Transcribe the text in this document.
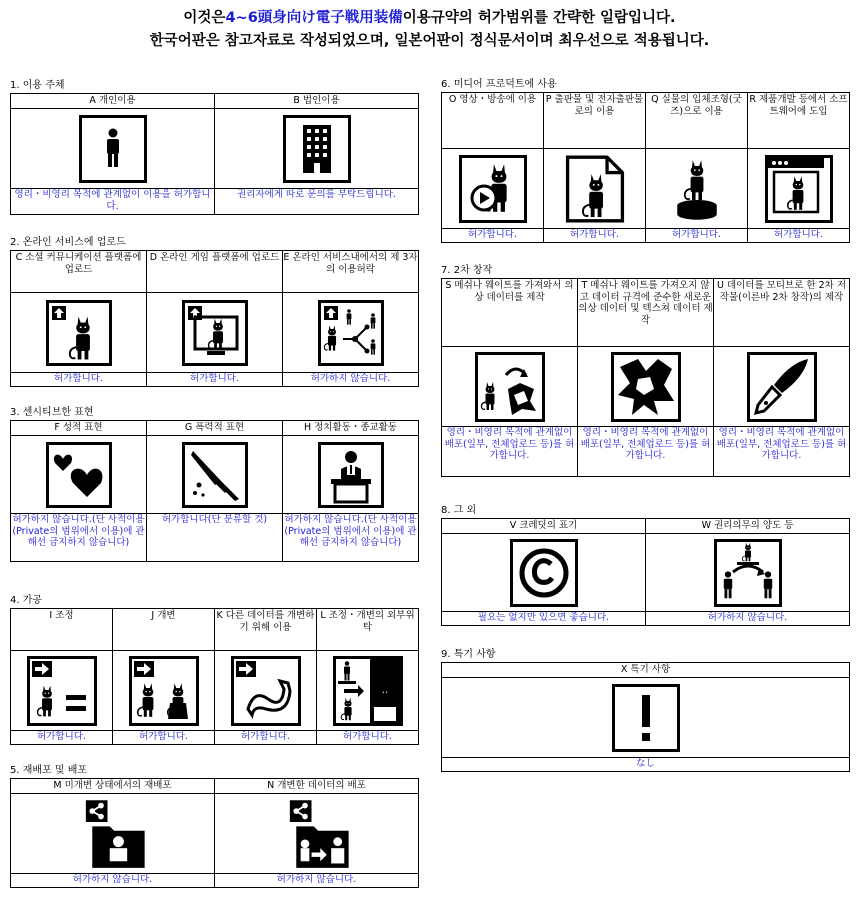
이것은4~6頭身向け電子戦用装備이용규약의 허가범위를 간략한 일람입니다.
한국어판은 참고자료로 작성되었으며, 일본어판이 정식문서이며 최우선으로 적용됩니다.
1. 이용 주체
A 개인이용	B 법인이용

영리・비영리 목적에 관계없이 이용을 허가합니다.	권리자에게 따로 문의를 부탁드립니다.
2. 온라인 서비스에 업로드
C 소셜 커뮤니케이션 플랫폼에 업로드	D 온라인 게임 플랫폼에 업로드	E 온라인 서비스내에서의 제 3자의 이용허락

허가합니다.	허가합니다.	허가하지 않습니다.
3. 센시티브한 표현
F 성적 표현	G 폭력적 표현	H 정치활동・종교활동

허가하지 않습니다.(단 사적이용(Private의 범위에서 이용)에 관해선 금지하지 않습니다)	허가합니다(단 분류할 것)	허가하지 않습니다.(단 사적이용(Private의 범위에서 이용)에 관해선 금지하지 않습니다)
4. 가공
I 조정	J 개변	K 다른 데이터를 개변하기 위해 이용	L 조정・개변의 외부위탁

허가합니다.	허가합니다.	허가합니다.	허가합니다.
5. 재배포 및 배포
M 미개변 상태에서의 재배포	N 개변한 데이터의 배포

허가하지 않습니다.	허가하지 않습니다.
6. 미디어 프로덕트에 사용
O 영상・방송에 이용	P 출판물 및 전자출판물로의 이용	Q 실물의 입체조형(굿즈)으로 이용	R 제품개발 등에서 소프트웨어에 도입

허가합니다.	허가합니다.	허가합니다.	허가합니다.
7. 2차 창작
S 메쉬나 웨이트를 가져와서 의상 데이터를 제작	T 메쉬나 웨이트를 가져오지 않고 데이터 규격에 준수한 새로운 의상 데이터 및 텍스쳐 데이터 제작	U 데이터를 모티브로 한 2차 저작물(이른바 2차 창작)의 제작

영리・비영리 목적에 관계없이 배포(일부, 전체업로드 등)를 허가합니다.	영리・비영리 목적에 관계없이 배포(일부, 전체업로드 등)를 허가합니다.	영리・비영리 목적에 관계없이 배포(일부, 전체업로드 등)를 허가합니다.
8. 그 외
V 크레딧의 표기	W 권리의무의 양도 등

필요는 없지만 있으면 좋습니다.	허가하지 않습니다.
9. 특기 사항
X 특기 사항

なし
